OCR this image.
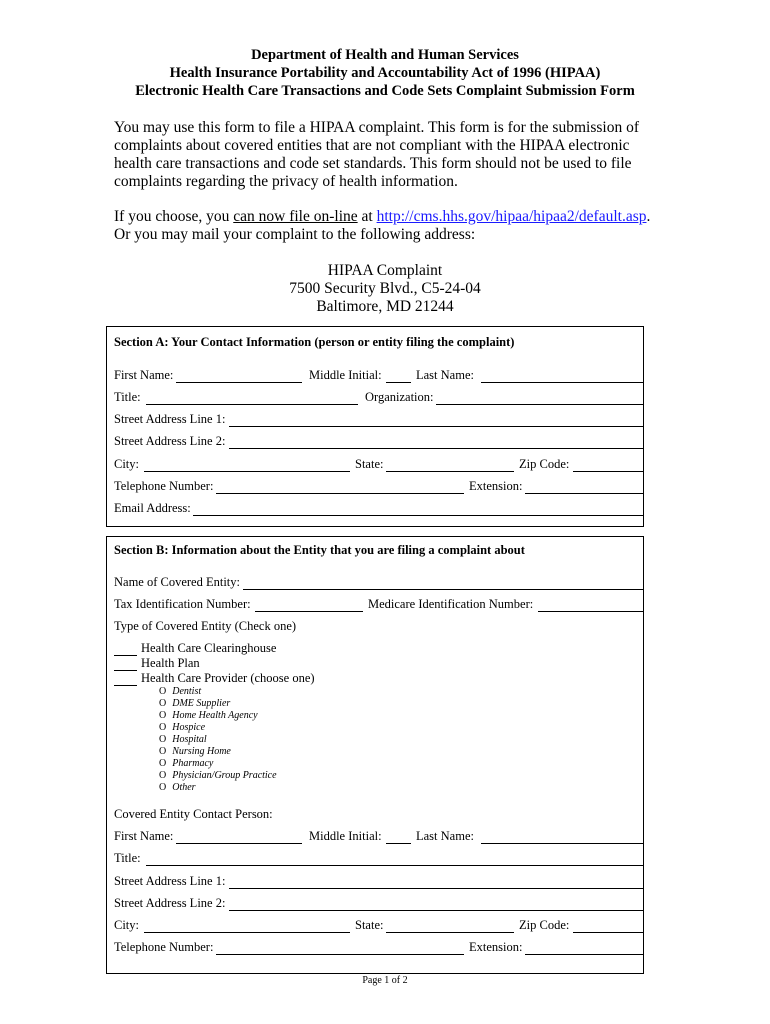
Department of Health and Human Services
Health Insurance Portability and Accountability Act of 1996 (HIPAA)
Electronic Health Care Transactions and Code Sets Complaint Submission Form
You may use this form to file a HIPAA complaint. This form is for the submission of complaints about covered entities that are not compliant with the HIPAA electronic health care transactions and code set standards. This form should not be used to file complaints regarding the privacy of health information.
If you choose, you can now file on-line at http://cms.hhs.gov/hipaa/hipaa2/default.asp.
Or you may mail your complaint to the following address:
HIPAA Complaint
7500 Security Blvd., C5-24-04
Baltimore, MD 21244
Section A: Your Contact Information (person or entity filing the complaint)
First Name:	Middle Initial:	Last Name:
Title:	Organization:
Street Address Line 1:
Street Address Line 2:
City:	State:	Zip Code:
Telephone Number:	Extension:
Email Address:
Section B: Information about the Entity that you are filing a complaint about
Name of Covered Entity:
Tax Identification Number:	Medicare Identification Number:
Type of Covered Entity (Check one)
Health Care Clearinghouse
Health Plan
Health Care Provider (choose one)
O Dentist
O DME Supplier
O Home Health Agency
O Hospice
O Hospital
O Nursing Home
O Pharmacy
O Physician/Group Practice
O Other
Covered Entity Contact Person:
First Name:	Middle Initial:	Last Name:
Title:
Street Address Line 1:
Street Address Line 2:
City:	State:	Zip Code:
Telephone Number:	Extension:
Page 1 of 2
